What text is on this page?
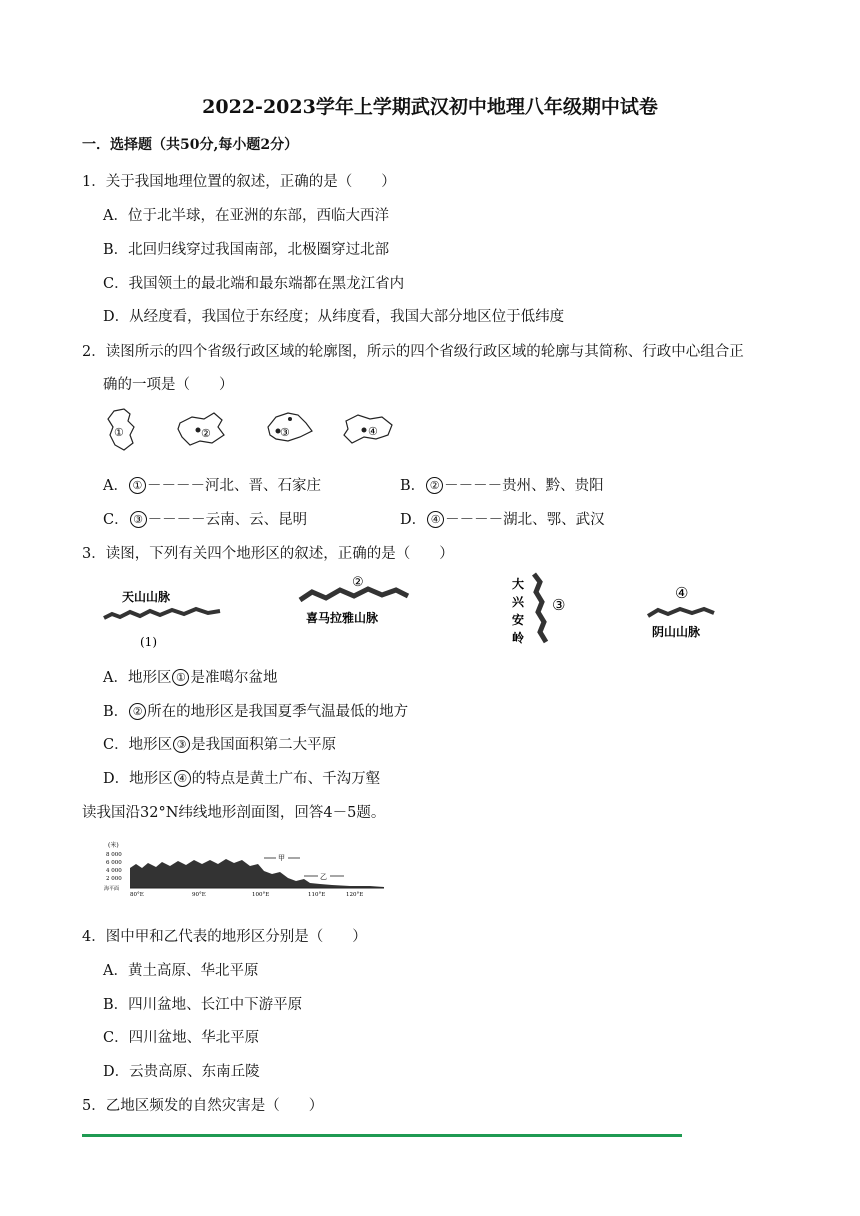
2022-2023学年上学期武汉初中地理八年级期中试卷
一．选择题（共50分,每小题2分）
1．关于我国地理位置的叙述，正确的是（　　）
A．位于北半球，在亚洲的东部，西临大西洋
B．北回归线穿过我国南部，北极圈穿过北部
C．我国领土的最北端和最东端都在黑龙江省内
D．从经度看，我国位于东经度；从纬度看，我国大部分地区位于低纬度
2．读图所示的四个省级行政区域的轮廓图，所示的四个省级行政区域的轮廓与其简称、行政中心组合正
确的一项是（　　）
①	②	③	④
A． ① －－－－河北、晋、石家庄	B． ② －－－－贵州、黔、贵阳
C． ③ －－－－云南、云、昆明	D． ④ －－－－湖北、鄂、武汉
3．读图，下列有关四个地形区的叙述，正确的是（　　）
天山山脉
(1)
②
喜马拉雅山脉
大
兴
安
岭
③
④
阴山山脉
A．地形区 ① 是准噶尔盆地
B． ② 所在的地形区是我国夏季气温最低的地方
C．地形区 ③ 是我国面积第二大平原
D．地形区 ④ 的特点是黄土广布、千沟万壑
读我国沿32°N纬线地形剖面图，回答4－5题。
(米)
8 000
6 000
4 000
2 000
海平面
80°E	90°E	100°E	110°E	120°E
甲
乙
4．图中甲和乙代表的地形区分别是（　　）
A．黄土高原、华北平原
B．四川盆地、长江中下游平原
C．四川盆地、华北平原
D．云贵高原、东南丘陵
5．乙地区频发的自然灾害是（　　）
